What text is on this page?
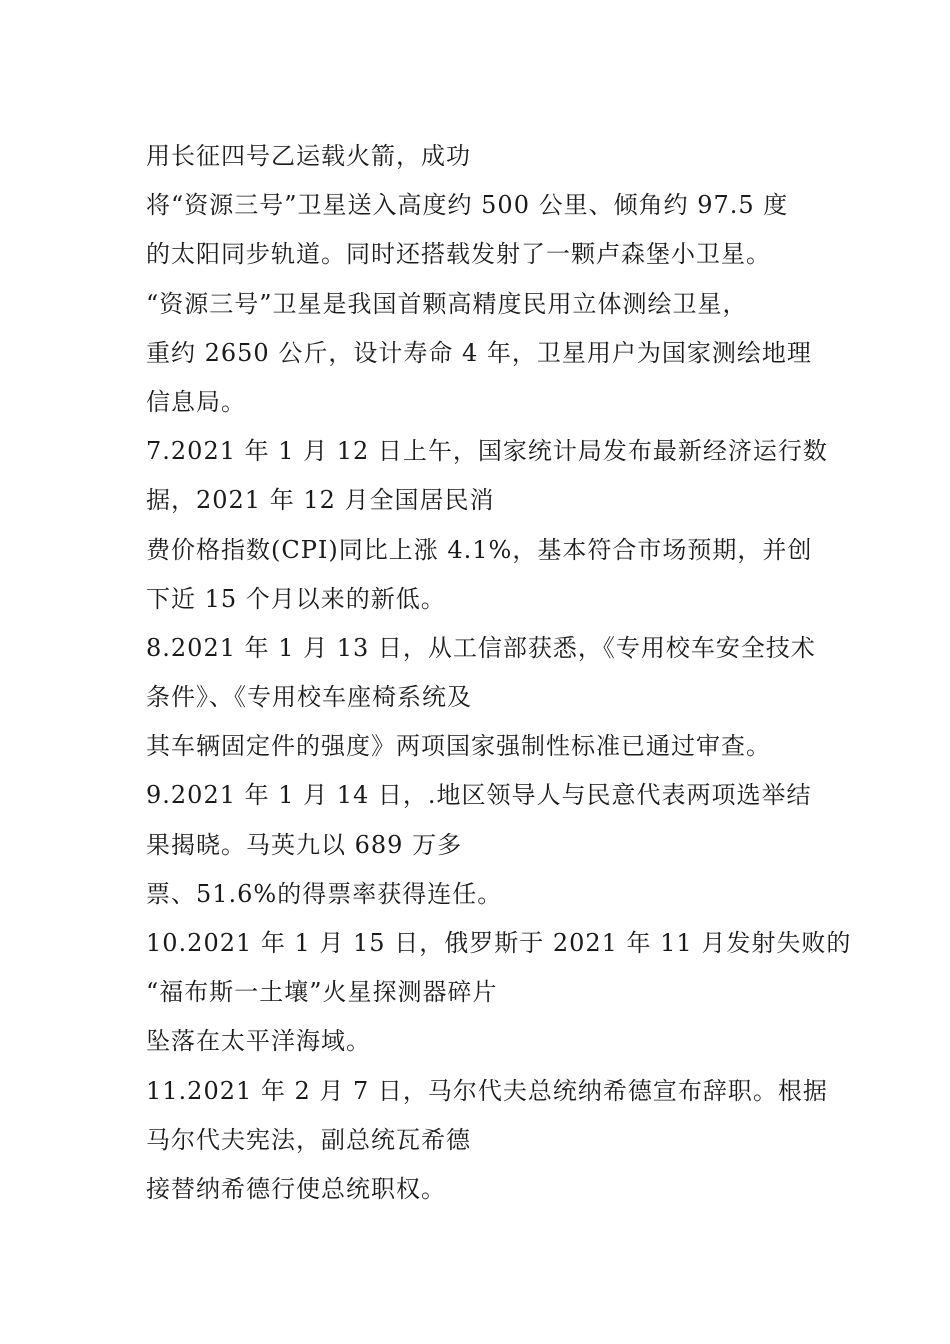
用长征四号乙运载火箭，成功
将“资源三号”卫星送入高度约 500 公里、倾角约 97.5 度
的太阳同步轨道。同时还搭载发射了一颗卢森堡小卫星。
“资源三号”卫星是我国首颗高精度民用立体测绘卫星，
重约 2650 公斤，设计寿命 4 年，卫星用户为国家测绘地理
信息局。
7.2021 年 1 月 12 日上午，国家统计局发布最新经济运行数
据，2021 年 12 月全国居民消
费价格指数(CPI)同比上涨 4.1%，基本符合市场预期，并创
下近 15 个月以来的新低。
8.2021 年 1 月 13 日，从工信部获悉，《专用校车安全技术
条件》、《专用校车座椅系统及
其车辆固定件的强度》两项国家强制性标准已通过审查。
9.2021 年 1 月 14 日，.地区领导人与民意代表两项选举结
果揭晓。马英九以 689 万多
票、51.6%的得票率获得连任。
10.2021 年 1 月 15 日，俄罗斯于 2021 年 11 月发射失败的
“福布斯一土壤”火星探测器碎片
坠落在太平洋海域。
11.2021 年 2 月 7 日，马尔代夫总统纳希德宣布辞职。根据
马尔代夫宪法，副总统瓦希德
接替纳希德行使总统职权。
